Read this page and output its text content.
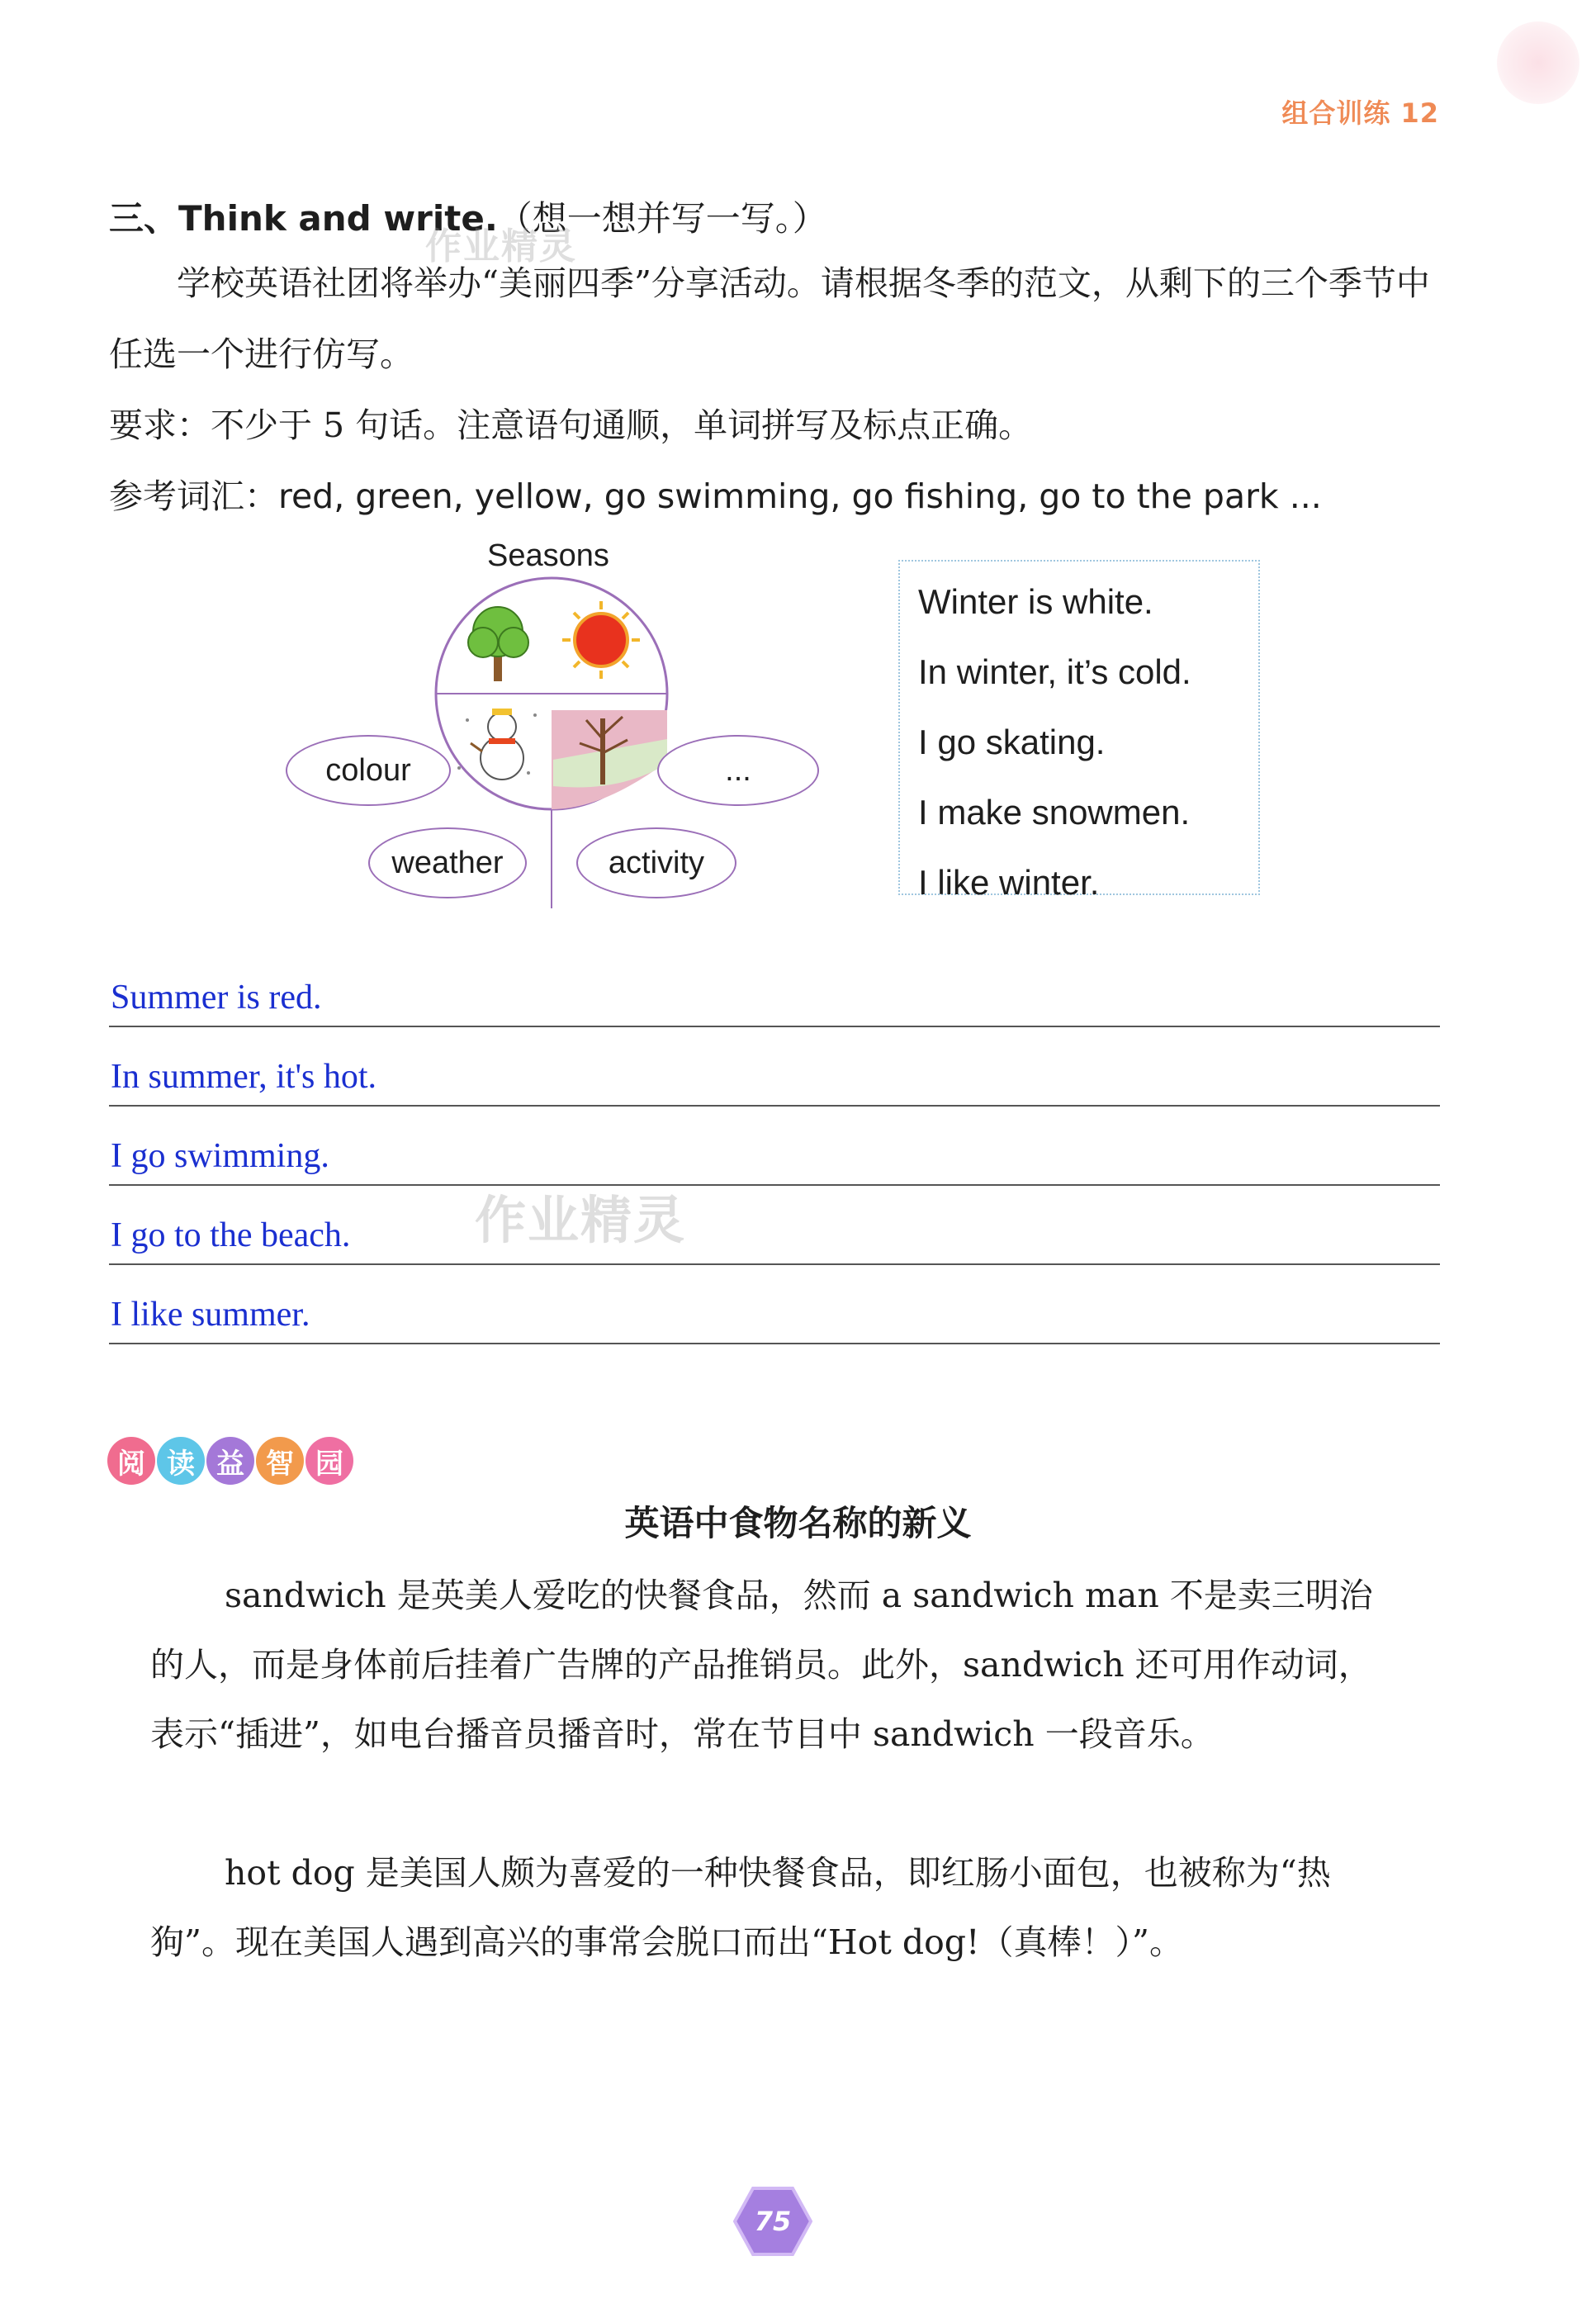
组合训练 12
三、Think and write.（想一想并写一写。）
学校英语社团将举办“美丽四季”分享活动。请根据冬季的范文，从剩下的三个季节中任选一个进行仿写。
要求：不少于 5 句话。注意语句通顺，单词拼写及标点正确。
参考词汇：red, green, yellow, go swimming, go fishing, go to the park ...
Seasons
colour
weather	activity
...
Winter is white.
In winter, it’s cold.
I go skating.
I make snowmen.
I like winter.
Summer is red.
In summer, it's hot.
I go swimming.
I go to the beach.
I like summer.
作业精灵
作业精灵
阅 读 益 智 园
英语中食物名称的新义
sandwich 是英美人爱吃的快餐食品，然而 a sandwich man 不是卖三明治的人，而是身体前后挂着广告牌的产品推销员。此外，sandwich 还可用作动词，表示“插进”，如电台播音员播音时，常在节目中 sandwich 一段音乐。
hot dog 是美国人颇为喜爱的一种快餐食品，即红肠小面包，也被称为“热狗”。现在美国人遇到高兴的事常会脱口而出“Hot dog!（真棒！）”。
75
